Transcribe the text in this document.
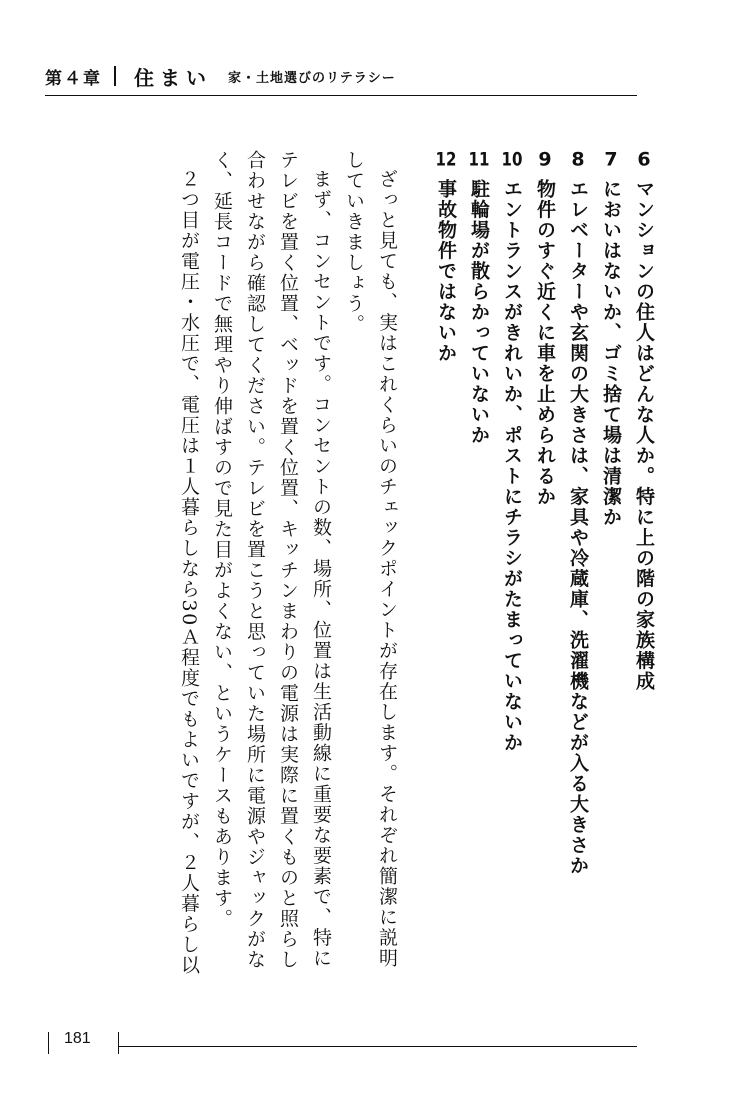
第４章 住まい 家・土地選びのリテラシー

6マンションの住人はどんな人か。特に上の階の家族構成

7においはないか、ゴミ捨て場は清潔か

8エレベーターや玄関の大きさは、家具や冷蔵庫、洗濯機などが入る大きさか

9物件のすぐ近くに車を止められるか

10エントランスがきれいか、ポストにチラシがたまっていないか

11駐輪場が散らかっていないか

12事故物件ではないか

ざっと見ても、実はこれくらいのチェックポイントが存在します。それぞれ簡潔に説明していきましょう。

まず、コンセントです。コンセントの数、場所、位置は生活動線に重要な要素で、特にテレビを置く位置、ベッドを置く位置、キッチンまわりの電源は実際に置くものと照らし合わせながら確認してください。テレビを置こうと思っていた場所に電源やジャックがなく、延長コードで無理やり伸ばすので見た目がよくない、というケースもあります。

２つ目が電圧・水圧で、電圧は１人暮らしなら30Ａ程度でもよいですが、２人暮らし以

181
